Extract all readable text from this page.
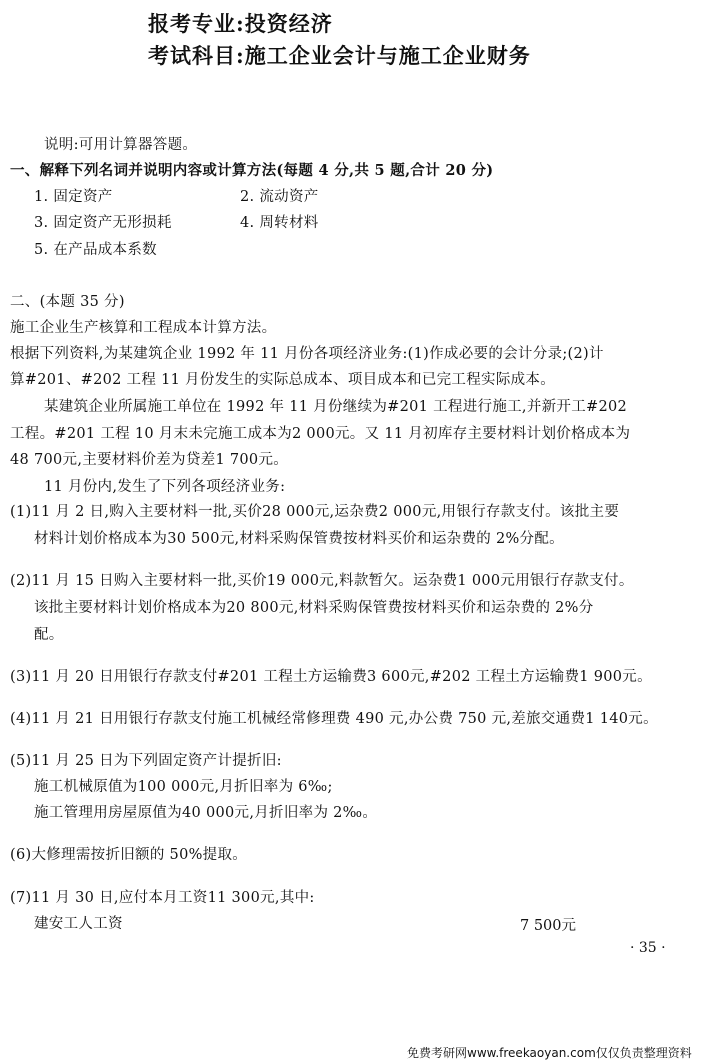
报考专业:投资经济
考试科目:施工企业会计与施工企业财务
说明:可用计算器答题。
一、解释下列名词并说明内容或计算方法(每题 4 分,共 5 题,合计 20 分)
1. 固定资产	2. 流动资产
3. 固定资产无形损耗	4. 周转材料
5. 在产品成本系数
二、(本题 35 分)
施工企业生产核算和工程成本计算方法。
根据下列资料,为某建筑企业 1992 年 11 月份各项经济业务:(1)作成必要的会计分录;(2)计
算#201、#202 工程 11 月份发生的实际总成本、项目成本和已完工程实际成本。
某建筑企业所属施工单位在 1992 年 11 月份继续为#201 工程进行施工,并新开工#202
工程。#201 工程 10 月末未完施工成本为2 000元。又 11 月初库存主要材料计划价格成本为
48 700元,主要材料价差为贷差1 700元。
11 月份内,发生了下列各项经济业务:
(1)11 月 2 日,购入主要材料一批,买价28 000元,运杂费2 000元,用银行存款支付。该批主要
材料计划价格成本为30 500元,材料采购保管费按材料买价和运杂费的 2%分配。
(2)11 月 15 日购入主要材料一批,买价19 000元,料款暂欠。运杂费1 000元用银行存款支付。
该批主要材料计划价格成本为20 800元,材料采购保管费按材料买价和运杂费的 2%分
配。
(3)11 月 20 日用银行存款支付#201 工程土方运输费3 600元,#202 工程土方运输费1 900元。
(4)11 月 21 日用银行存款支付施工机械经常修理费 490 元,办公费 750 元,差旅交通费1 140元。
(5)11 月 25 日为下列固定资产计提折旧:
施工机械原值为100 000元,月折旧率为 6‰;
施工管理用房屋原值为40 000元,月折旧率为 2‰。
(6)大修理需按折旧额的 50%提取。
(7)11 月 30 日,应付本月工资11 300元,其中:
建安工人工资	7 500元
· 35 ·
免费考研网www.freekaoyan.com仅仅负责整理资料
